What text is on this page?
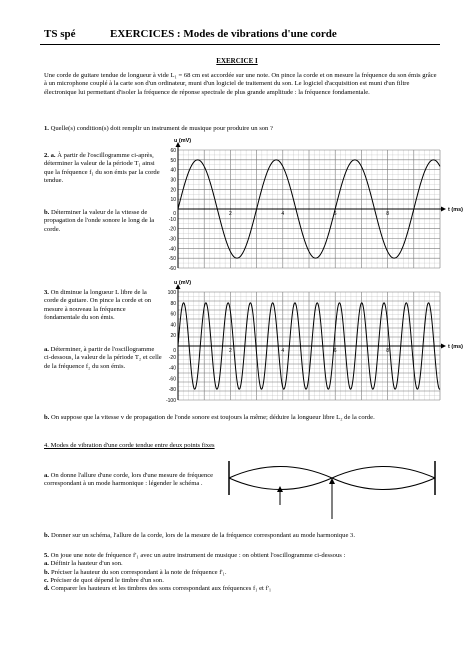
TS spé	EXERCICES : Modes de vibrations d'une corde
EXERCICE I
Une corde de guitare tendue de longueur à vide L₁ = 68 cm est accordée sur une note. On pince la corde et on mesure la fréquence du son émis grâce à un microphone couplé à la carte son d'un ordinateur, muni d'un logiciel de traitement du son. Le logiciel d'acquisition est muni d'un filtre électronique lui permettant d'isoler la fréquence de réponse spectrale de plus grande amplitude : la fréquence fondamentale.
1. Quelle(s) condition(s) doit remplir un instrument de musique pour produire un son ?
2. a. À partir de l'oscillogramme ci-après, déterminer la valeur de la période T₁ ainsi que la fréquence f₁ du son émis par la corde tendue.
b. Déterminer la valeur de la vitesse de propagation de l'onde sonore le long de la corde.
u (mV)
t (ms)
60
50
40
30
20
10
-10
-20
-30
-40
-50
-60
2	4	6	8
0
3. On diminue la longueur L libre de la corde de guitare. On pince la corde et on mesure à nouveau la fréquence fondamentale du son émis.
a. Déterminer, à partir de l'oscillogramme ci-dessous, la valeur de la période T₂ et celle de la fréquence f₂ du son émis.
u (mV)
t (ms)
100
80
60
40
20
-20
-40
-60
-80
-100
2	4	6	8
0
b. On suppose que la vitesse v de propagation de l'onde sonore est toujours la même; déduire la longueur libre L₂ de la corde.
4. Modes de vibration d'une corde tendue entre deux points fixes
a. On donne l'allure d'une corde, lors d'une mesure de fréquence correspondant à un mode harmonique : légender le schéma .
b. Donner sur un schéma, l'allure de la corde, lors de la mesure de la fréquence correspondant au mode harmonique 3.
5. On joue une note de fréquence f'₁ avec un autre instrument de musique : on obtient l'oscillogramme ci-dessous :
a. Définir la hauteur d'un son.
b. Préciser la hauteur du son correspondant à la note de fréquence f'₁.
c. Préciser de quoi dépend le timbre d'un son.
d. Comparer les hauteurs et les timbres des sons correspondant aux fréquences f₁ et f'₁
